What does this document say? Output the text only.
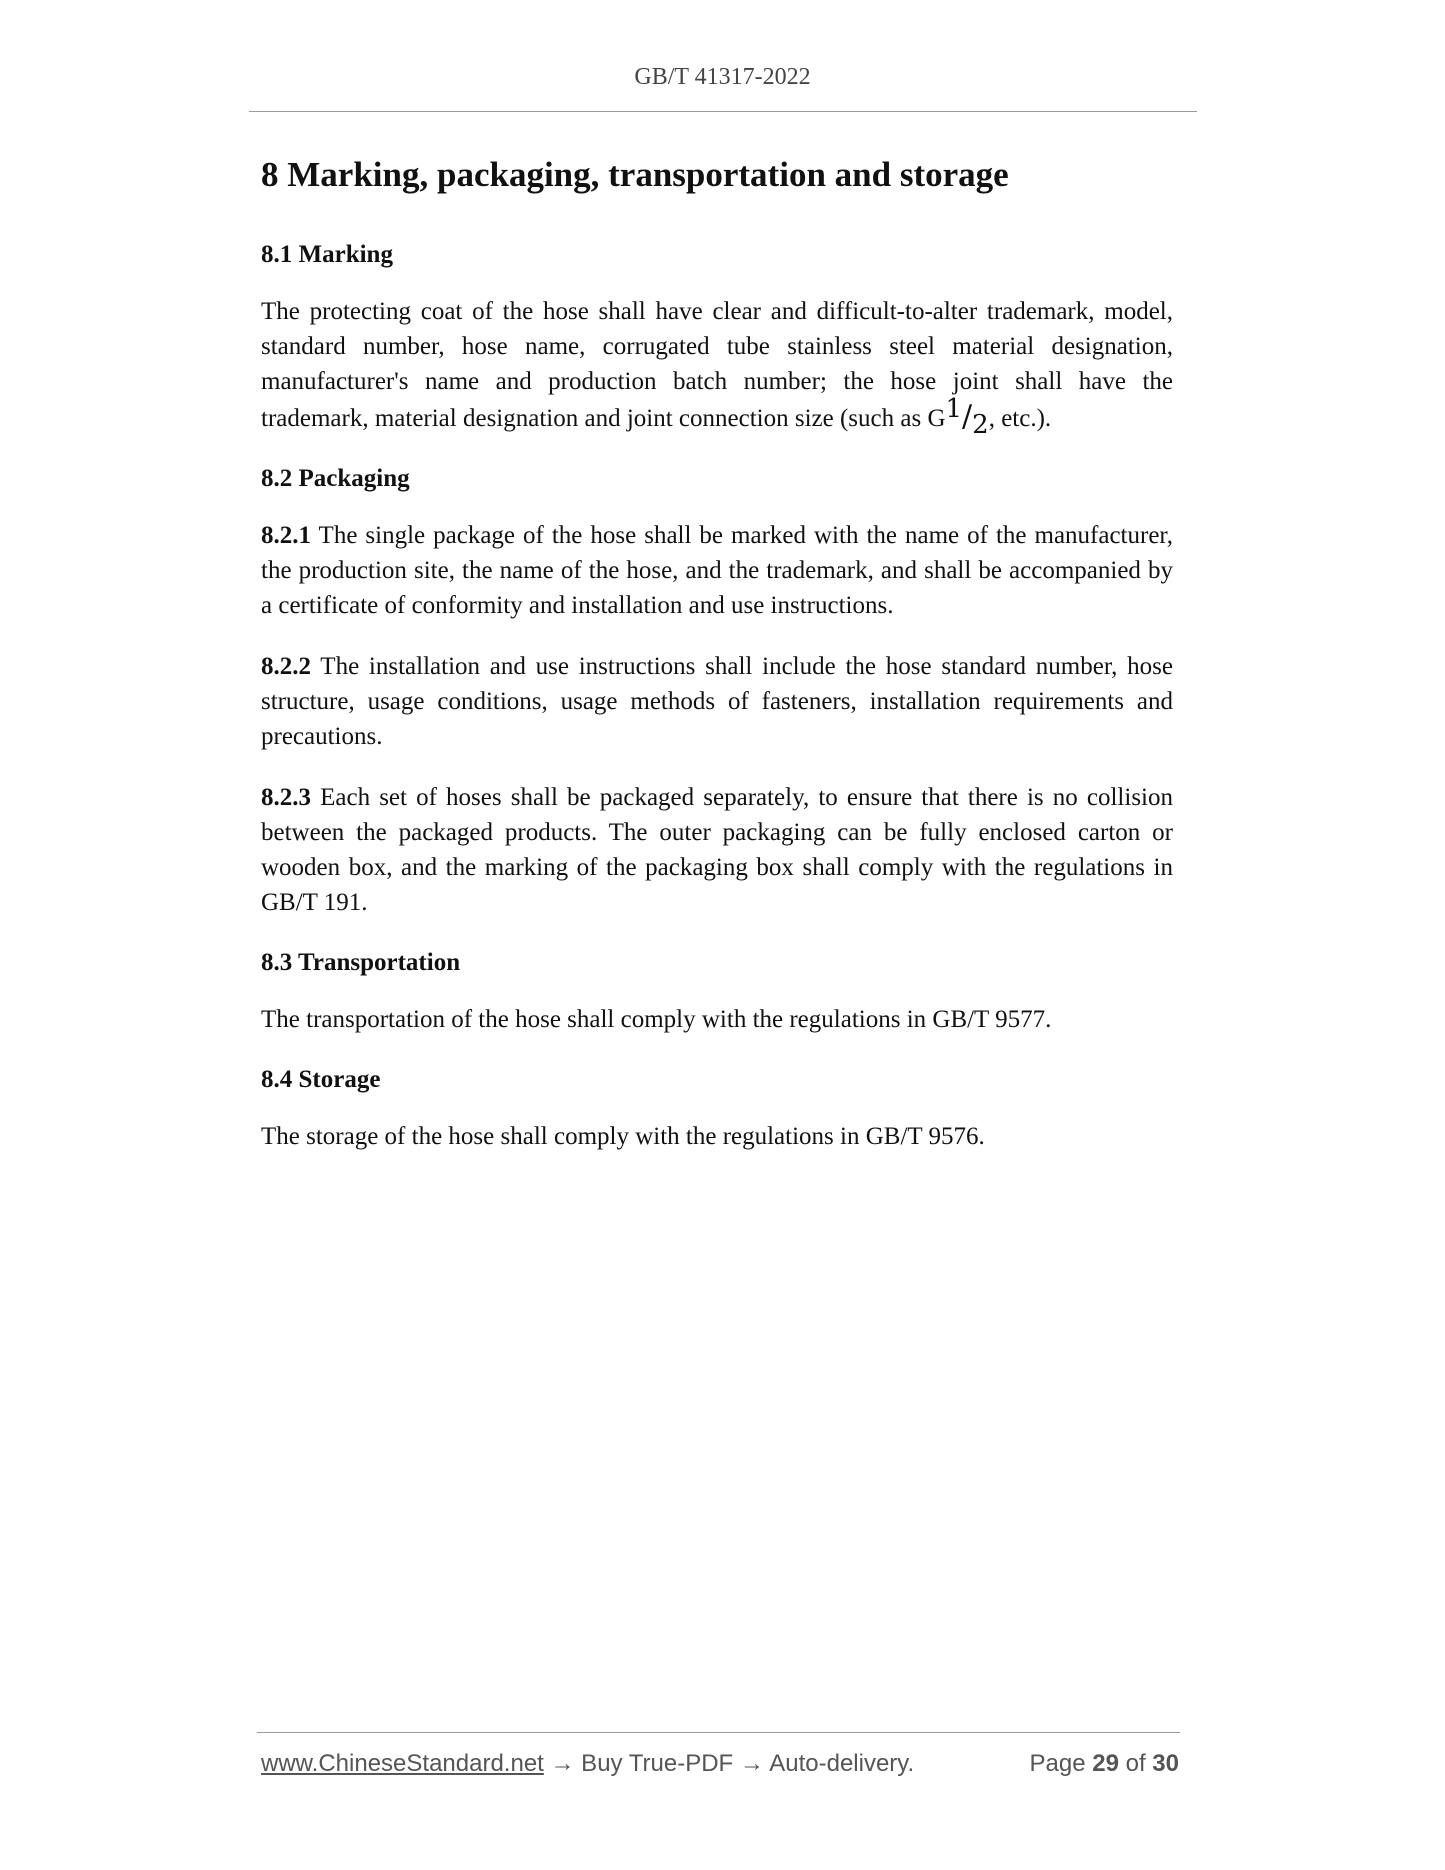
GB/T 41317-2022
8 Marking, packaging, transportation and storage
8.1 Marking

The protecting coat of the hose shall have clear and difficult-to-alter trademark, model, standard number, hose name, corrugated tube stainless steel material designation, manufacturer's name and production batch number; the hose joint shall have the trademark, material designation and joint connection size (such as G1/2, etc.).

8.2 Packaging

8.2.1 The single package of the hose shall be marked with the name of the manufacturer, the production site, the name of the hose, and the trademark, and shall be accompanied by a certificate of conformity and installation and use instructions.

8.2.2 The installation and use instructions shall include the hose standard number, hose structure, usage conditions, usage methods of fasteners, installation requirements and precautions.

8.2.3 Each set of hoses shall be packaged separately, to ensure that there is no collision between the packaged products. The outer packaging can be fully enclosed carton or wooden box, and the marking of the packaging box shall comply with the regulations in GB/T 191.

8.3 Transportation

The transportation of the hose shall comply with the regulations in GB/T 9577.

8.4 Storage

The storage of the hose shall comply with the regulations in GB/T 9576.

www.ChineseStandard.net → Buy True-PDF → Auto-delivery.	Page 29 of 30
